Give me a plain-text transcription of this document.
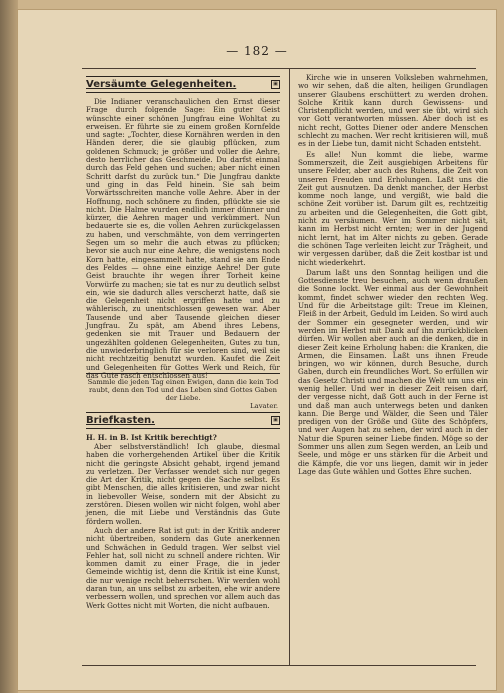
— 182 —
Versäumte Gelegenheiten.	▣

Die Indianer veranschaulichen den Ernst dieser Frage durch folgende Sage: Ein guter Geist wünschte einer schönen Jungfrau eine Wohltat zu erweisen. Er führte sie zu einem großen Kornfelde und sagte: „Tochter, diese Kornähren werden in den Händen derer, die sie glaubig pflücken, zum goldenen Schmuck; je größer und voller die Aehre, desto herrlicher das Geschmeide. Du darfst einmal durch das Feld gehen und suchen; aber nicht einen Schritt darfst du zurück tun.“ Die Jungfrau dankte und ging in das Feld hinein. Sie sah beim Vorwärtsschreiten manche volle Aehre. Aber in der Hoffnung, noch schönere zu finden, pflückte sie sie nicht. Die Halme wurden endlich immer dünner und kürzer, die Aehren mager und verkümmert. Nun bedauerte sie es, die vollen Aehren zurückgelassen zu haben, und verschmähte, von dem verringerten Segen um so mehr die auch etwas zu pflücken; bevor sie auch nur eine Aehre, die wenigstens noch Korn hatte, eingesammelt hatte, stand sie am Ende des Feldes — ohne eine einzige Aehre! Der gute Geist brauchte ihr wegen ihrer Torheit keine Vorwürfe zu machen; sie tat es nur zu deutlich selbst ein, wie sie dadurch alles verscherzt hatte, daß sie die Gelegenheit nicht ergriffen hatte und zu wählerisch, zu unentschlossen gewesen war. Aber Tausende und aber Tausende gleichen dieser Jungfrau. Zu spät, am Abend ihres Lebens, gedenken sie mit Trauer und Bedauern der ungezählten goldenen Gelegenheiten, Gutes zu tun, die unwiederbringlich für sie verloren sind, weil sie nicht rechtzeitig benutzt wurden. Kaufet die Zeit und Gelegenheiten für Gottes Werk und Reich, für das Gute rasch entschlossen aus!

Sammle die jeden Tag einen Ewigen, dann die kein Tod raubt, denn den Tod und das Leben sind Gottes Gaben der Liebe.
Lavater.
Briefkasten.	▣
H. H. in B. Ist Kritik berechtigt?

Aber selbstverständlich! Ich glaube, diesmal haben die vorhergehenden Artikel über die Kritik nicht die geringste Absicht gehabt, irgend jemand zu verletzen. Der Verfasser wendet sich nur gegen die Art der Kritik, nicht gegen die Sache selbst. Es gibt Menschen, die alles kritisieren, und zwar nicht in liebevoller Weise, sondern mit der Absicht zu zerstören. Diesen wollen wir nicht folgen, wohl aber jenen, die mit Liebe und Verständnis das Gute fördern wollen.

Auch der andere Rat ist gut: in der Kritik anderer nicht übertreiben, sondern das Gute anerkennen und Schwächen in Geduld tragen. Wer selbst viel Fehler hat, soll nicht zu schnell andere richten. Wir kommen damit zu einer Frage, die in jeder Gemeinde wichtig ist, denn die Kritik ist eine Kunst, die nur wenige recht beherrschen. Wir werden wohl daran tun, an uns selbst zu arbeiten, ehe wir andere verbessern wollen, und sprechen vor allem auch das Werk Gottes nicht mit Worten, die nicht aufbauen.

Kirche wie in unseren Volksleben wahrnehmen, wo wir sehen, daß die alten, heiligen Grundlagen unserer Glaubens erschüttert zu werden drohen. Solche Kritik kann durch Gewissens- und Christenpflicht werden, und wer sie übt, wird sich vor Gott verantworten müssen. Aber doch ist es nicht recht, Gottes Diener oder andere Menschen schlecht zu machen. Wer recht kritisieren will, muß es in der Liebe tun, damit nicht Schaden entsteht.

Es alle! Nun kommt die liebe, warme Sommerszeit, die Zeit ausgiebigen Arbeitens für unsere Felder, aber auch des Ruhens, die Zeit von unseren Freuden und Erholungen. Laßt uns die Zeit gut ausnutzen. Da denkt mancher, der Herbst komme noch lange, und vergißt, wie bald die schöne Zeit vorüber ist. Darum gilt es, rechtzeitig zu arbeiten und die Gelegenheiten, die Gott gibt, nicht zu versäumen. Wer im Sommer nicht sät, kann im Herbst nicht ernten; wer in der Jugend nicht lernt, hat im Alter nichts zu geben. Gerade die schönen Tage verleiten leicht zur Trägheit, und wir vergessen darüber, daß die Zeit kostbar ist und nicht wiederkehrt.

Darum laßt uns den Sonntag heiligen und die Gottesdienste treu besuchen, auch wenn draußen die Sonne lockt. Wer einmal aus der Gewohnheit kommt, findet schwer wieder den rechten Weg. Und für die Arbeitstage gilt: Treue im Kleinen, Fleiß in der Arbeit, Geduld im Leiden. So wird auch der Sommer ein gesegneter werden, und wir werden im Herbst mit Dank auf ihn zurückblicken dürfen. Wir wollen aber auch an die denken, die in dieser Zeit keine Erholung haben: die Kranken, die Armen, die Einsamen. Laßt uns ihnen Freude bringen, wo wir können, durch Besuche, durch Gaben, durch ein freundliches Wort. So erfüllen wir das Gesetz Christi und machen die Welt um uns ein wenig heller. Und wer in dieser Zeit reisen darf, der vergesse nicht, daß Gott auch in der Ferne ist und daß man auch unterwegs beten und danken kann. Die Berge und Wälder, die Seen und Täler predigen von der Größe und Güte des Schöpfers, und wer Augen hat zu sehen, der wird auch in der Natur die Spuren seiner Liebe finden. Möge so der Sommer uns allen zum Segen werden, an Leib und Seele, und möge er uns stärken für die Arbeit und die Kämpfe, die vor uns liegen, damit wir in jeder Lage das Gute wählen und Gottes Ehre suchen.
